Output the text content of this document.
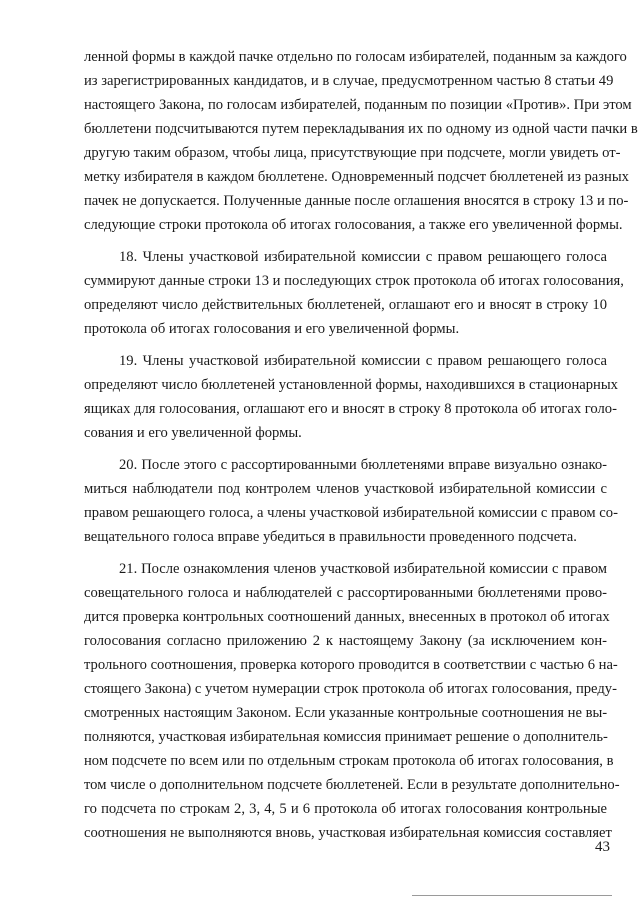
ленной формы в каждой пачке отдельно по голосам избирателей, поданным за каждого
из зарегистрированных кандидатов, и в случае, предусмотренном частью 8 статьи 49
настоящего Закона, по голосам избирателей, поданным по позиции «Против». При этом
бюллетени подсчитываются путем перекладывания их по одному из одной части пачки в
другую таким образом, чтобы лица, присутствующие при подсчете, могли увидеть от-
метку избирателя в каждом бюллетене. Одновременный подсчет бюллетеней из разных
пачек не допускается. Полученные данные после оглашения вносятся в строку 13 и по-
следующие строки протокола об итогах голосования, а также его увеличенной формы.
18. Члены участковой избирательной комиссии с правом решающего голоса
суммируют данные строки 13 и последующих строк протокола об итогах голосования,
определяют число действительных бюллетеней, оглашают его и вносят в строку 10
протокола об итогах голосования и его увеличенной формы.
19. Члены участковой избирательной комиссии с правом решающего голоса
определяют число бюллетеней установленной формы, находившихся в стационарных
ящиках для голосования, оглашают его и вносят в строку 8 протокола об итогах голо-
сования и его увеличенной формы.
20. После этого с рассортированными бюллетенями вправе визуально ознако-
миться наблюдатели под контролем членов участковой избирательной комиссии с
правом решающего голоса, а члены участковой избирательной комиссии с правом со-
вещательного голоса вправе убедиться в правильности проведенного подсчета.
21. После ознакомления членов участковой избирательной комиссии с правом
совещательного голоса и наблюдателей с рассортированными бюллетенями прово-
дится проверка контрольных соотношений данных, внесенных в протокол об итогах
голосования согласно приложению 2 к настоящему Закону (за исключением кон-
трольного соотношения, проверка которого проводится в соответствии с частью 6 на-
стоящего Закона) с учетом нумерации строк протокола об итогах голосования, преду-
смотренных настоящим Законом. Если указанные контрольные соотношения не вы-
полняются, участковая избирательная комиссия принимает решение о дополнитель-
ном подсчете по всем или по отдельным строкам протокола об итогах голосования, в
том числе о дополнительном подсчете бюллетеней. Если в результате дополнительно-
го подсчета по строкам 2, 3, 4, 5 и 6 протокола об итогах голосования контрольные
соотношения не выполняются вновь, участковая избирательная комиссия составляет
43
